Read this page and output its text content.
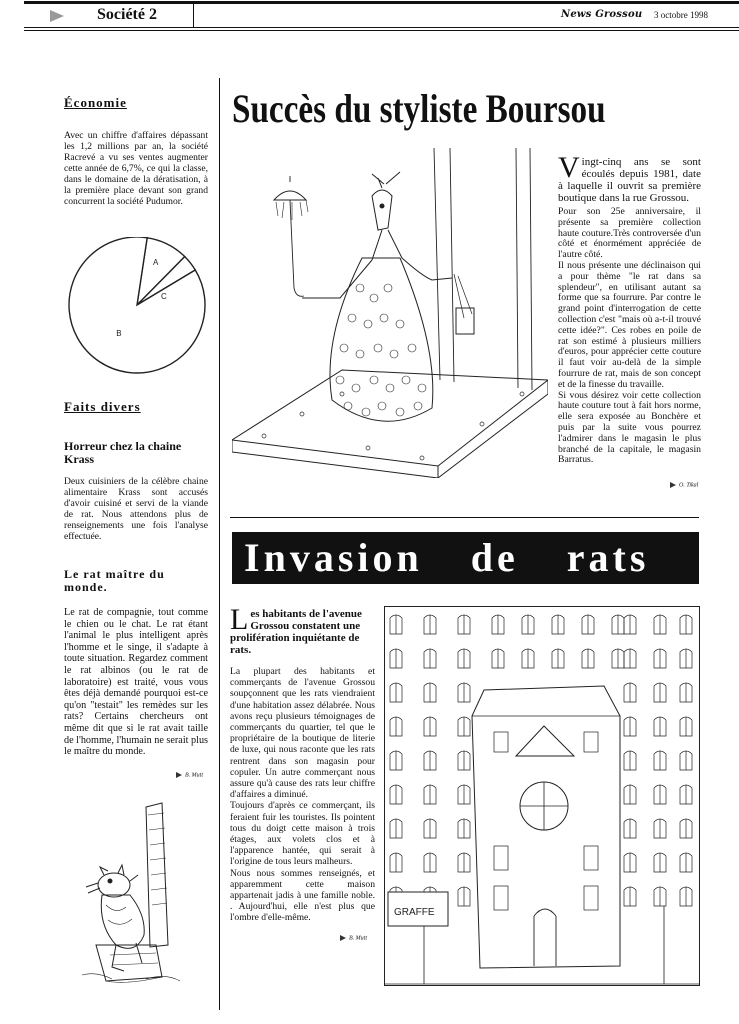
Société 2	News Grossou 3 octobre 1998
Économie
Avec un chiffre d'affaires dépassant les 1,2 millions par an, la société Racrevé a vu ses ventes augmenter cette année de 6,7%, ce qui la classe, dans le domaine de la dératisation, à la première place devant son grand concurrent la société Pudumor.
A
C
B
Faits divers
Horreur chez la chaine Krass
Deux cuisiniers de la célèbre chaine alimentaire Krass sont accusés d'avoir cuisiné et servi de la viande de rat. Nous attendons plus de renseignements une fois l'analyse effectuée.
Le rat maître du monde.
Le rat de compagnie, tout comme le chien ou le chat. Le rat étant l'animal le plus intelligent après l'homme et le singe, il s'adapte à toute situation. Regardez comment le rat albinos (ou le rat de laboratoire) est traité, vous vous êtes déjà demandé pourquoi est-ce qu'on "testait" les remèdes sur les rats? Certains chercheurs ont même dit que si le rat avait taille de l'homme, l'humain ne serait plus le maître du monde.
B. Mutt
Succès du styliste Boursou

Vingt-cinq ans se sont écoulés depuis 1981, date à laquelle il ouvrit sa première boutique dans la rue Grossou.

Pour son 25e anniversaire, il présente sa première collection haute couture.Très controversée d'un côté et énormément appréciée de l'autre côté.

Il nous présente une déclinaison qui a pour thème "le rat dans sa splendeur", en utilisant autant sa forme que sa fourrure. Par contre le grand point d'interrogation de cette collection c'est "mais où a-t-il trouvé cette idée?". Ces robes en poile de rat son estimé à plusieurs milliers d'euros, pour apprécier cette couture il faut voir au-delà de la simple fourrure de rat, mais de son concept et de la finesse du travaille.

Si vous désirez voir cette collection haute couture tout à fait hors norme, elle sera exposée au Bonchère et puis par la suite vous pourrez l'admirer dans le magasin le plus branché de la capitale, le magasin Barratus.

O. Tikal
Invasion de rats

Les habitants de l'avenue Grossou constatent une prolifération inquiétante de rats.

La plupart des habitants et commerçants de l'avenue Grossou soupçonnent que les rats viendraient d'une habitation assez délabrée. Nous avons reçu plusieurs témoignages de commerçants du quartier, tel que le propriétaire de la boutique de literie de luxe, qui nous raconte que les rats rentrent dans son magasin pour copuler. Un autre commerçant nous assure qu'à cause des rats leur chiffre d'affaires a diminué.

Toujours d'après ce commerçant, ils feraient fuir les touristes. Ils pointent tous du doigt cette maison à trois étages, aux volets clos et à l'apparence hantée, qui serait à l'origine de tous leurs malheurs.

Nous nous sommes renseignés, et apparemment cette maison appartenait jadis à une famille noble. . Aujourd'hui, elle n'est plus que l'ombre d'elle-même.

B. Mutt
GRAFFE
